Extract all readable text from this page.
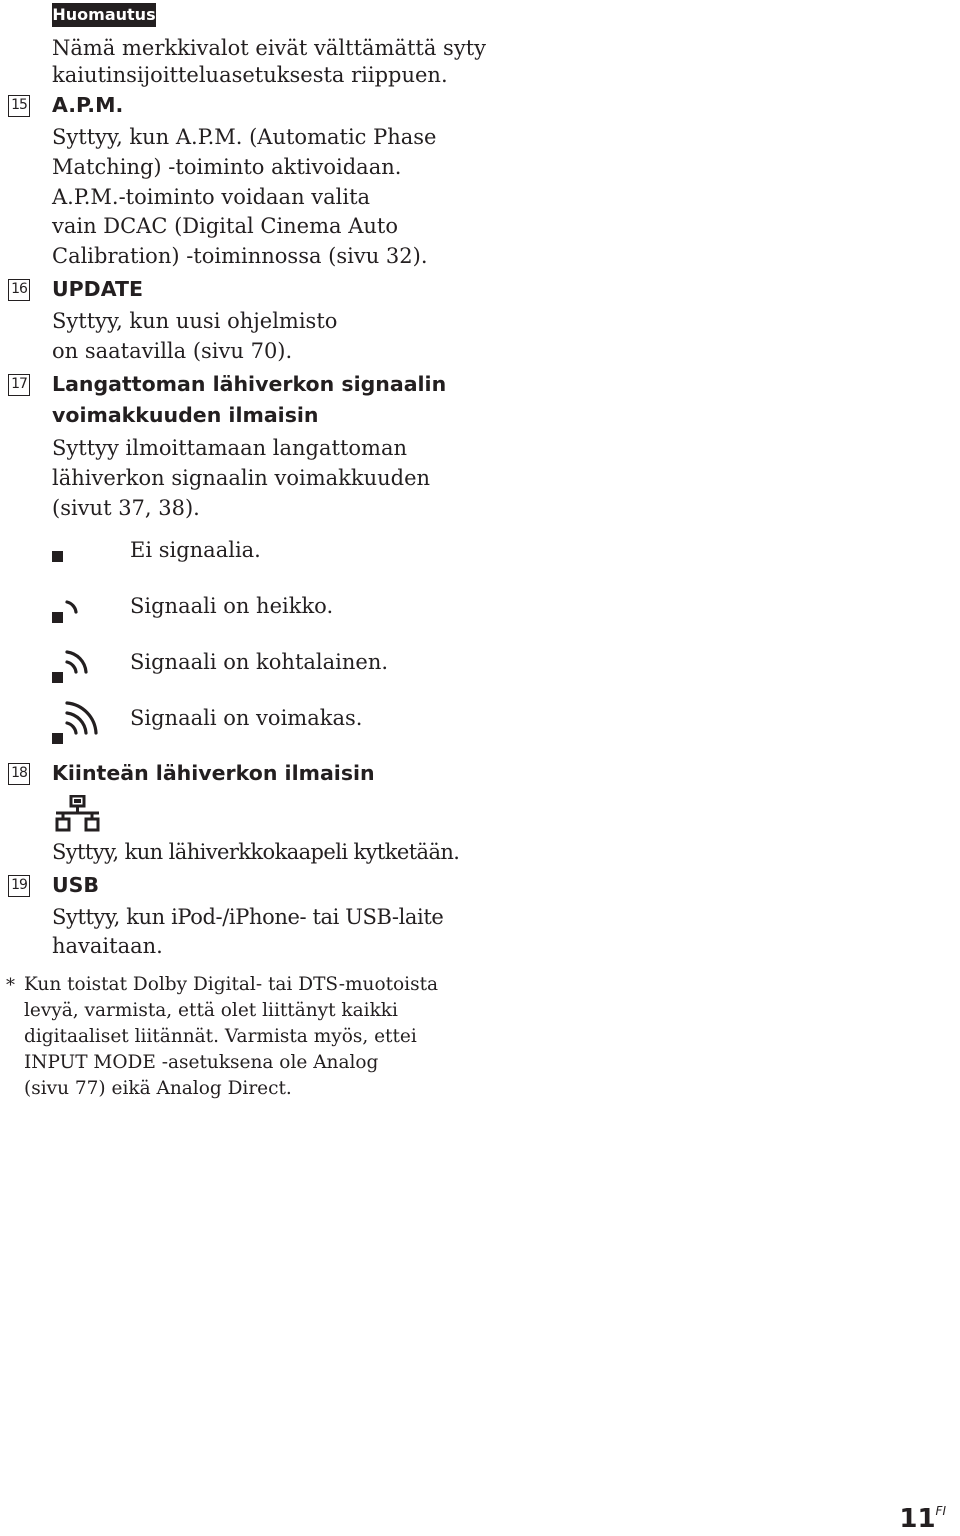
Huomautus
Nämä merkkivalot eivät välttämättä syty
kaiutinsijoitteluasetuksesta riippuen.
15 A.P.M.
Syttyy, kun A.P.M. (Automatic Phase
Matching) -toiminto aktivoidaan.
A.P.M.-toiminto voidaan valita
vain DCAC (Digital Cinema Auto
Calibration) -toiminnossa (sivu 32).
16 UPDATE
Syttyy, kun uusi ohjelmisto
on saatavilla (sivu 70).
17 Langattoman lähiverkon signaalin
voimakkuuden ilmaisin
Syttyy ilmoittamaan langattoman
lähiverkon signaalin voimakkuuden
(sivut 37, 38).
Ei signaalia.
Signaali on heikko.
Signaali on kohtalainen.
Signaali on voimakas.
18 Kiinteän lähiverkon ilmaisin
Syttyy, kun lähiverkkokaapeli kytketään.
19 USB
Syttyy, kun iPod-/iPhone- tai USB-laite
havaitaan.
* Kun toistat Dolby Digital- tai DTS-muotoista
levyä, varmista, että olet liittänyt kaikki
digitaaliset liitännät. Varmista myös, ettei
INPUT MODE -asetuksena ole Analog
(sivu 77) eikä Analog Direct.
$11^{FI}$
